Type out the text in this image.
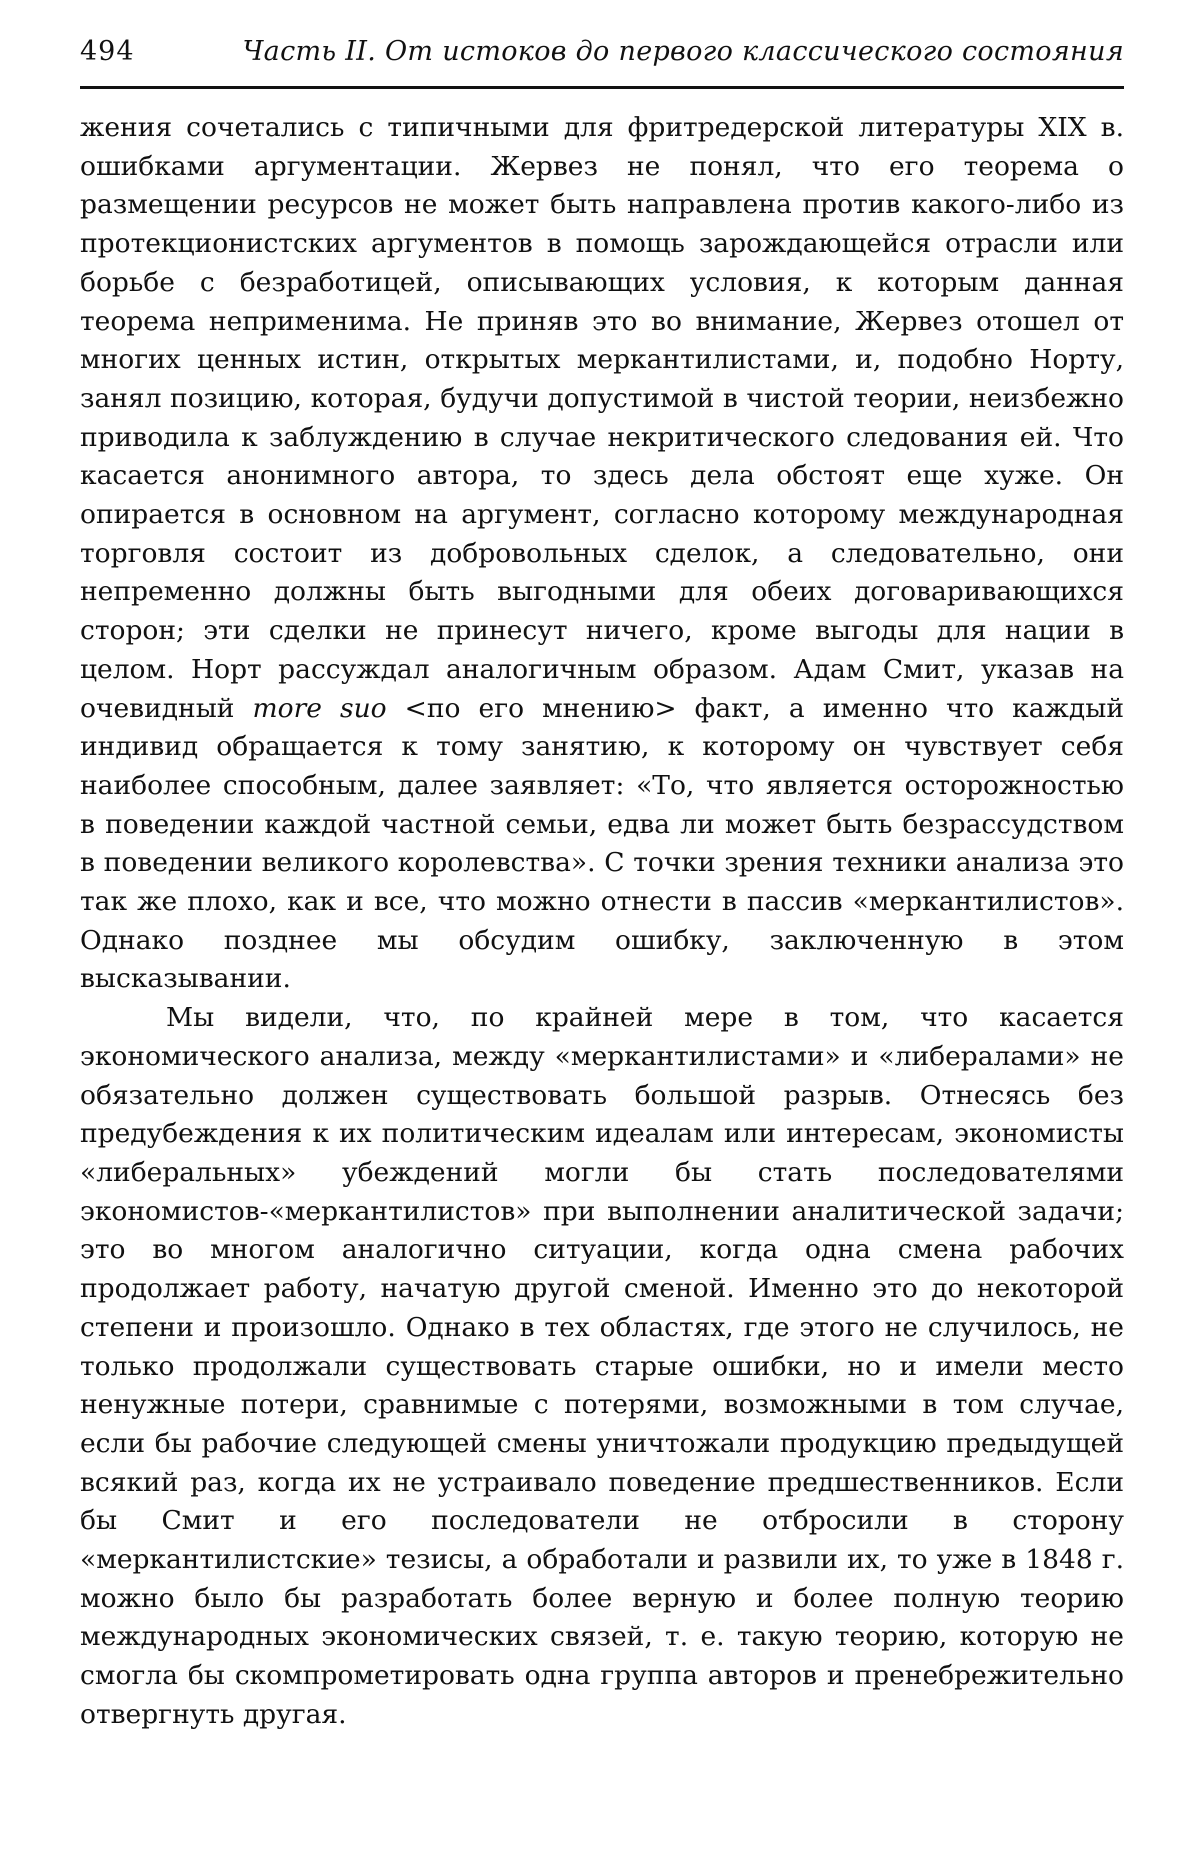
494	Часть II. От истоков до первого классического состояния

жения сочетались с типичными для фритредерской литературы XIX в. ошибками аргументации. Жервез не понял, что его теорема о размещении ресурсов не может быть направлена против какого-либо из протекционистских аргументов в помощь зарождающейся отрасли или борьбе с безработицей, описывающих условия, к которым данная теорема неприменима. Не приняв это во внимание, Жервез отошел от многих ценных истин, открытых меркантилистами, и, подобно Норту, занял позицию, которая, будучи допустимой в чистой теории, неизбежно приводила к заблуждению в случае некритического следования ей. Что касается анонимного автора, то здесь дела обстоят еще хуже. Он опирается в основном на аргумент, согласно которому международная торговля состоит из добровольных сделок, а следовательно, они непременно должны быть выгодными для обеих договаривающихся сторон; эти сделки не принесут ничего, кроме выгоды для нации в целом. Норт рассуждал аналогичным образом. Адам Смит, указав на очевидный more suo <по его мнению> факт, а именно что каждый индивид обращается к тому занятию, к которому он чувствует себя наиболее способным, далее заявляет: «То, что является осторожностью в поведении каждой частной семьи, едва ли может быть безрассудством в поведении великого королевства». С точки зрения техники анализа это так же плохо, как и все, что можно отнести в пассив «меркантилистов». Однако позднее мы обсудим ошибку, заключенную в этом высказывании.

Мы видели, что, по крайней мере в том, что касается экономического анализа, между «меркантилистами» и «либералами» не обязательно должен существовать большой разрыв. Отнесясь без предубеждения к их политическим идеалам или интересам, экономисты «либеральных» убеждений могли бы стать последователями экономистов-«меркантилистов» при выполнении аналитической задачи; это во многом аналогично ситуации, когда одна смена рабочих продолжает работу, начатую другой сменой. Именно это до некоторой степени и произошло. Однако в тех областях, где этого не случилось, не только продолжали существовать старые ошибки, но и имели место ненужные потери, сравнимые с потерями, возможными в том случае, если бы рабочие следующей смены уничтожали продукцию предыдущей всякий раз, когда их не устраивало поведение предшественников. Если бы Смит и его последователи не отбросили в сторону «меркантилистские» тезисы, а обработали и развили их, то уже в 1848 г. можно было бы разработать более верную и более полную теорию международных экономических связей, т. е. такую теорию, которую не смогла бы скомпрометировать одна группа авторов и пренебрежительно отвергнуть другая.
